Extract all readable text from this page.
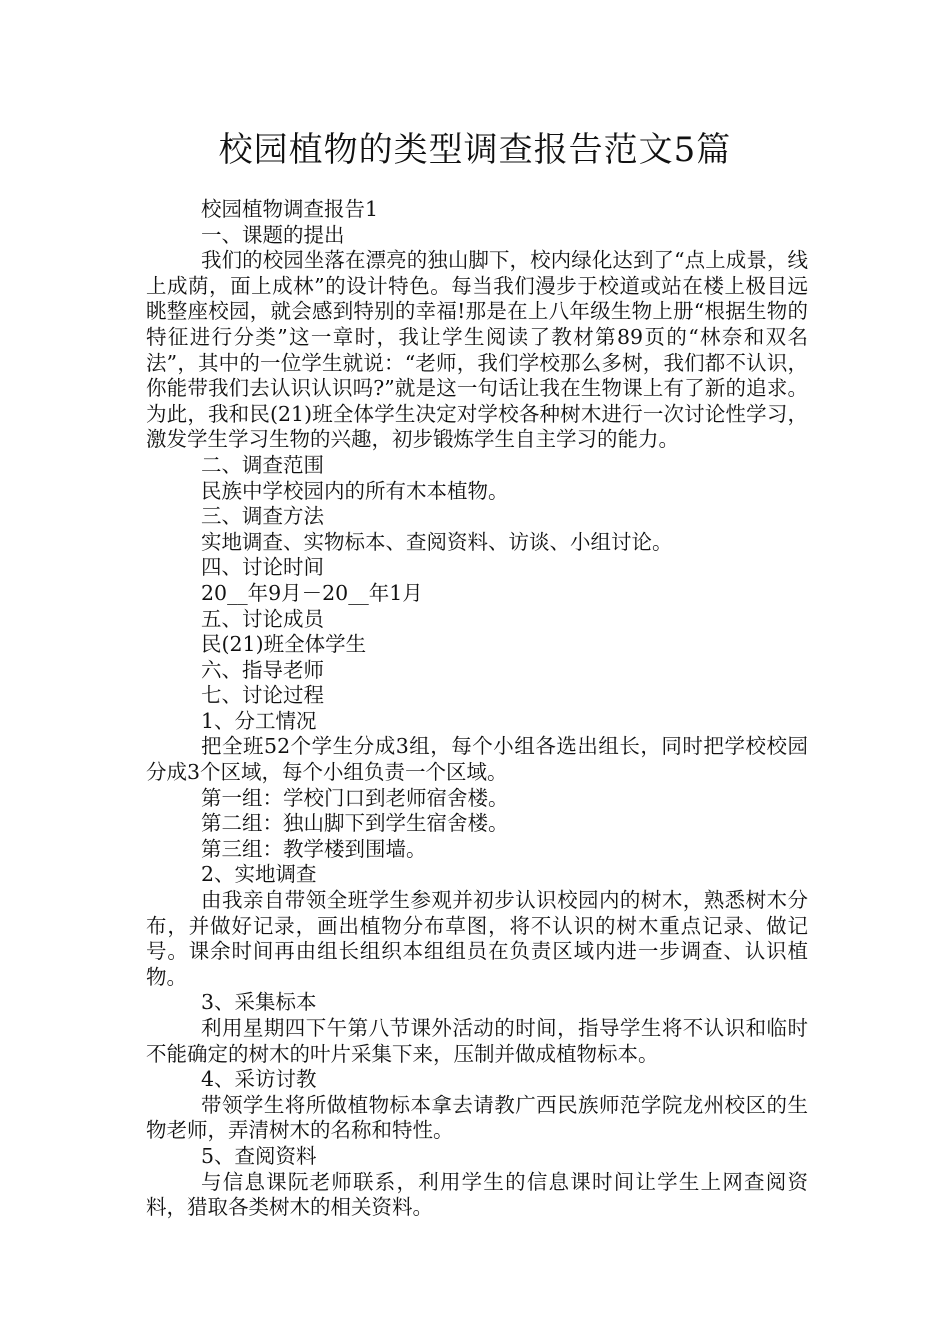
校园植物的类型调查报告范文5篇

校园植物调查报告1

一、课题的提出

我们的校园坐落在漂亮的独山脚下，校内绿化达到了“点上成景，线上成荫，面上成林”的设计特色。每当我们漫步于校道或站在楼上极目远眺整座校园，就会感到特别的幸福!那是在上八年级生物上册“根据生物的特征进行分类”这一章时，我让学生阅读了教材第89页的“林奈和双名法”，其中的一位学生就说：“老师，我们学校那么多树，我们都不认识，你能带我们去认识认识吗?”就是这一句话让我在生物课上有了新的追求。为此，我和民(21)班全体学生决定对学校各种树木进行一次讨论性学习，激发学生学习生物的兴趣，初步锻炼学生自主学习的能力。

二、调查范围

民族中学校园内的所有木本植物。

三、调查方法

实地调查、实物标本、查阅资料、访谈、小组讨论。

四、讨论时间

20__年9月－20__年1月

五、讨论成员

民(21)班全体学生

六、指导老师

七、讨论过程

1、分工情况

把全班52个学生分成3组，每个小组各选出组长，同时把学校校园分成3个区域，每个小组负责一个区域。

第一组：学校门口到老师宿舍楼。

第二组：独山脚下到学生宿舍楼。

第三组：教学楼到围墙。

2、实地调查

由我亲自带领全班学生参观并初步认识校园内的树木，熟悉树木分布，并做好记录，画出植物分布草图，将不认识的树木重点记录、做记号。课余时间再由组长组织本组组员在负责区域内进一步调查、认识植物。

3、采集标本

利用星期四下午第八节课外活动的时间，指导学生将不认识和临时不能确定的树木的叶片采集下来，压制并做成植物标本。

4、采访讨教

带领学生将所做植物标本拿去请教广西民族师范学院龙州校区的生物老师，弄清树木的名称和特性。

5、查阅资料

与信息课阮老师联系，利用学生的信息课时间让学生上网查阅资料，猎取各类树木的相关资料。
